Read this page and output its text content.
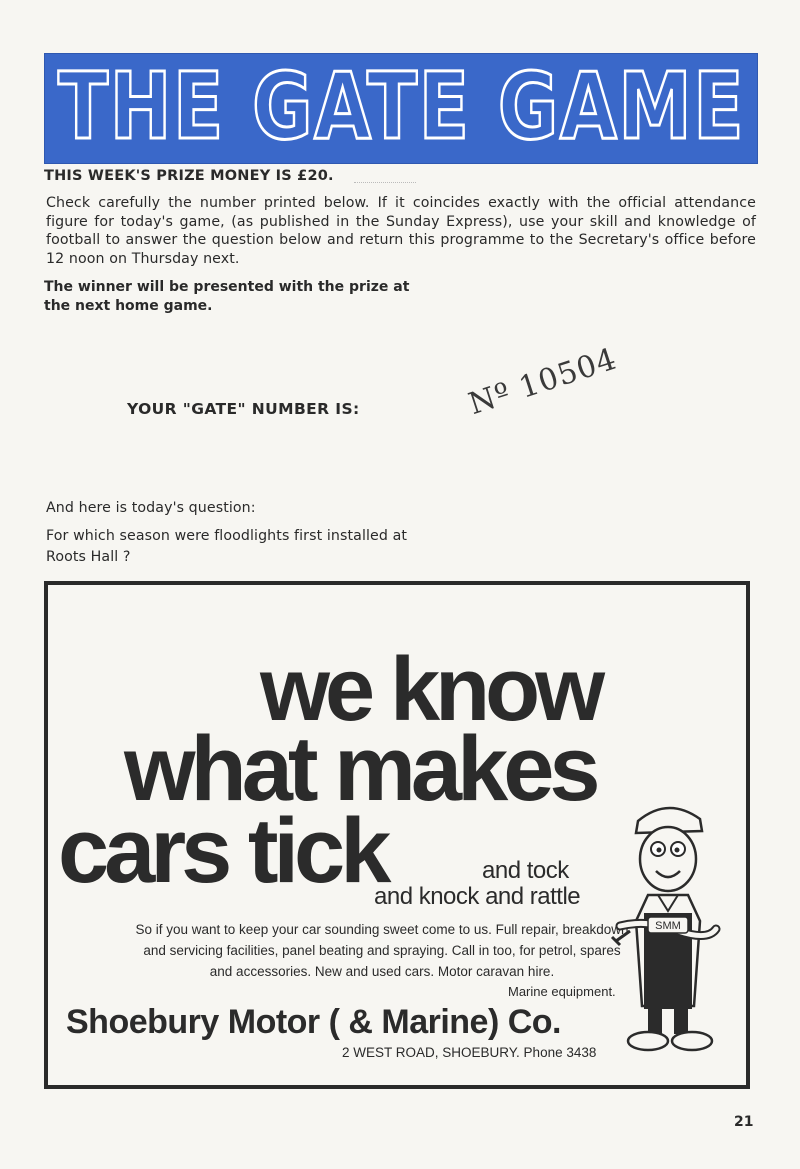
THE GATE GAME
THIS WEEK'S PRIZE MONEY IS £20.
Check carefully the number printed below. If it coincides exactly with the official attendance figure for today's game, (as published in the Sunday Express), use your skill and knowledge of football to answer the question below and return this programme to the Secretary's office before 12 noon on Thursday next.
The winner will be presented with the prize at the next home game.
YOUR "GATE" NUMBER IS:	Nº 10504
And here is today's question:
For which season were floodlights first installed at Roots Hall ?
we know
what makes
cars tick	and tock
and knock and rattle
So if you want to keep your car sounding sweet come to us. Full repair, breakdown and servicing facilities, panel beating and spraying. Call in too, for petrol, spares and accessories. New and used cars. Motor caravan hire.
Marine equipment.
Shoebury Motor ( & Marine) Co.
2 WEST ROAD, SHOEBURY. Phone 3438
SMM
21
